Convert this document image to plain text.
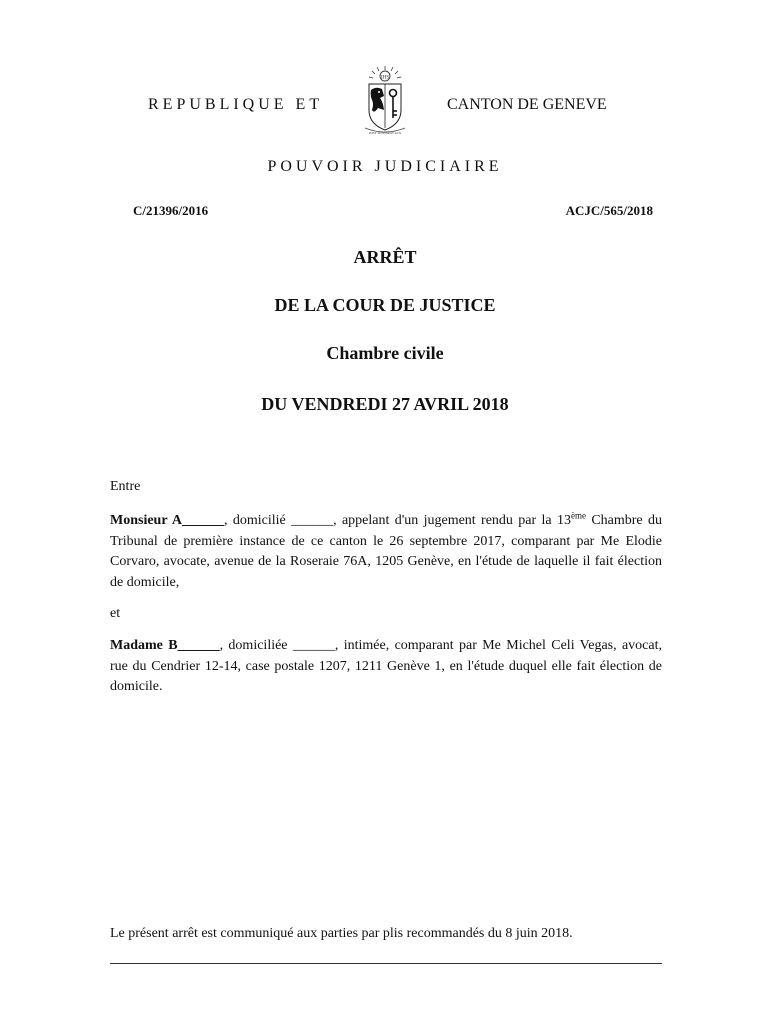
REPUBLIQUE ET
IHS
POST TENEBRAS LUX
CANTON DE GENEVE
POUVOIR JUDICIAIRE
C/21396/2016	ACJC/565/2018
ARRÊT
DE LA COUR DE JUSTICE
Chambre civile
DU VENDREDI 27 AVRIL 2018
Entre
Monsieur A______, domicilié ______, appelant d'un jugement rendu par la 13ème Chambre du Tribunal de première instance de ce canton le 26 septembre 2017, comparant par Me Elodie Corvaro, avocate, avenue de la Roseraie 76A, 1205 Genève, en l'étude de laquelle il fait élection de domicile,
et
Madame B______, domiciliée ______, intimée, comparant par Me Michel Celi Vegas, avocat, rue du Cendrier 12-14, case postale 1207, 1211 Genève 1, en l'étude duquel elle fait élection de domicile.
Le présent arrêt est communiqué aux parties par plis recommandés du 8 juin 2018.
